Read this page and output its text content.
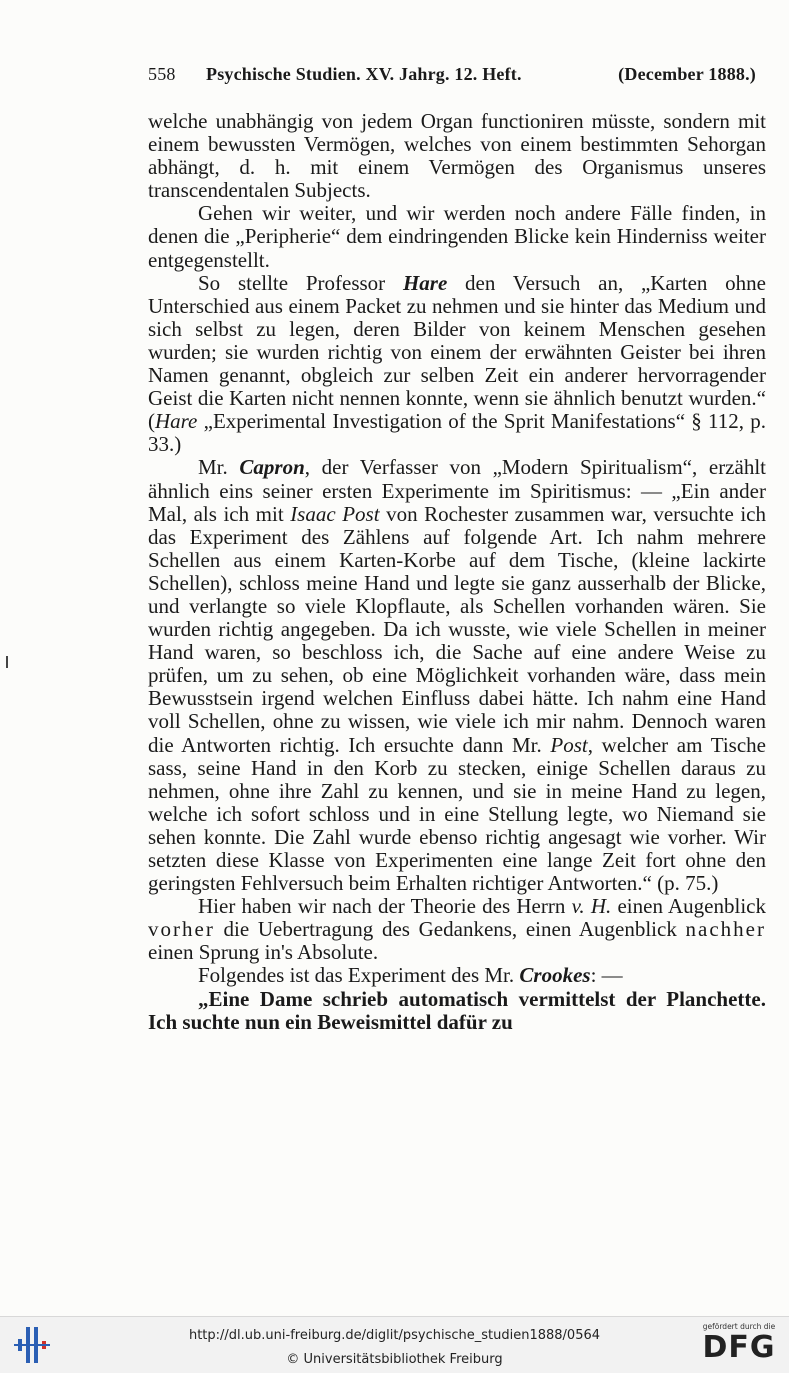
558 Psychische Studien. XV. Jahrg. 12. Heft.	(December 1888.)

welche unabhängig von jedem Organ functioniren müsste, sondern mit einem bewussten Vermögen, welches von einem bestimmten Sehorgan abhängt, d. h. mit einem Vermögen des Organismus unseres transcendentalen Subjects.

Gehen wir weiter, und wir werden noch andere Fälle finden, in denen die „Peripherie“ dem eindringenden Blicke kein Hinderniss weiter entgegenstellt.

So stellte Professor Hare den Versuch an, „Karten ohne Unterschied aus einem Packet zu nehmen und sie hinter das Medium und sich selbst zu legen, deren Bilder von keinem Menschen gesehen wurden; sie wurden richtig von einem der erwähnten Geister bei ihren Namen genannt, obgleich zur selben Zeit ein anderer hervorragender Geist die Karten nicht nennen konnte, wenn sie ähnlich benutzt wurden.“ (Hare „Experimental Investigation of the Sprit Manifestations“ § 112, p. 33.)

Mr. Capron, der Verfasser von „Modern Spiritualism“, erzählt ähnlich eins seiner ersten Experimente im Spiritismus: — „Ein ander Mal, als ich mit Isaac Post von Rochester zusammen war, versuchte ich das Experiment des Zählens auf folgende Art. Ich nahm mehrere Schellen aus einem Karten-Korbe auf dem Tische, (kleine lackirte Schellen), schloss meine Hand und legte sie ganz ausserhalb der Blicke, und verlangte so viele Klopflaute, als Schellen vorhanden wären. Sie wurden richtig angegeben. Da ich wusste, wie viele Schellen in meiner Hand waren, so beschloss ich, die Sache auf eine andere Weise zu prüfen, um zu sehen, ob eine Möglichkeit vorhanden wäre, dass mein Bewusstsein irgend welchen Einfluss dabei hätte. Ich nahm eine Hand voll Schellen, ohne zu wissen, wie viele ich mir nahm. Dennoch waren die Antworten richtig. Ich ersuchte dann Mr. Post, welcher am Tische sass, seine Hand in den Korb zu stecken, einige Schellen daraus zu nehmen, ohne ihre Zahl zu kennen, und sie in meine Hand zu legen, welche ich sofort schloss und in eine Stellung legte, wo Niemand sie sehen konnte. Die Zahl wurde ebenso richtig angesagt wie vorher. Wir setzten diese Klasse von Experimenten eine lange Zeit fort ohne den geringsten Fehlversuch beim Erhalten richtiger Antworten.“ (p. 75.)

Hier haben wir nach der Theorie des Herrn v. H. einen Augenblick vorher die Uebertragung des Gedankens, einen Augenblick nachher einen Sprung in's Absolute.

Folgendes ist das Experiment des Mr. Crookes: —

„Eine Dame schrieb automatisch vermittelst der Planchette. Ich suchte nun ein Beweismittel dafür zu

http://dl.ub.uni-freiburg.de/diglit/psychische_studien1888/0564
© Universitätsbibliothek Freiburg
gefördert durch die
DFG
